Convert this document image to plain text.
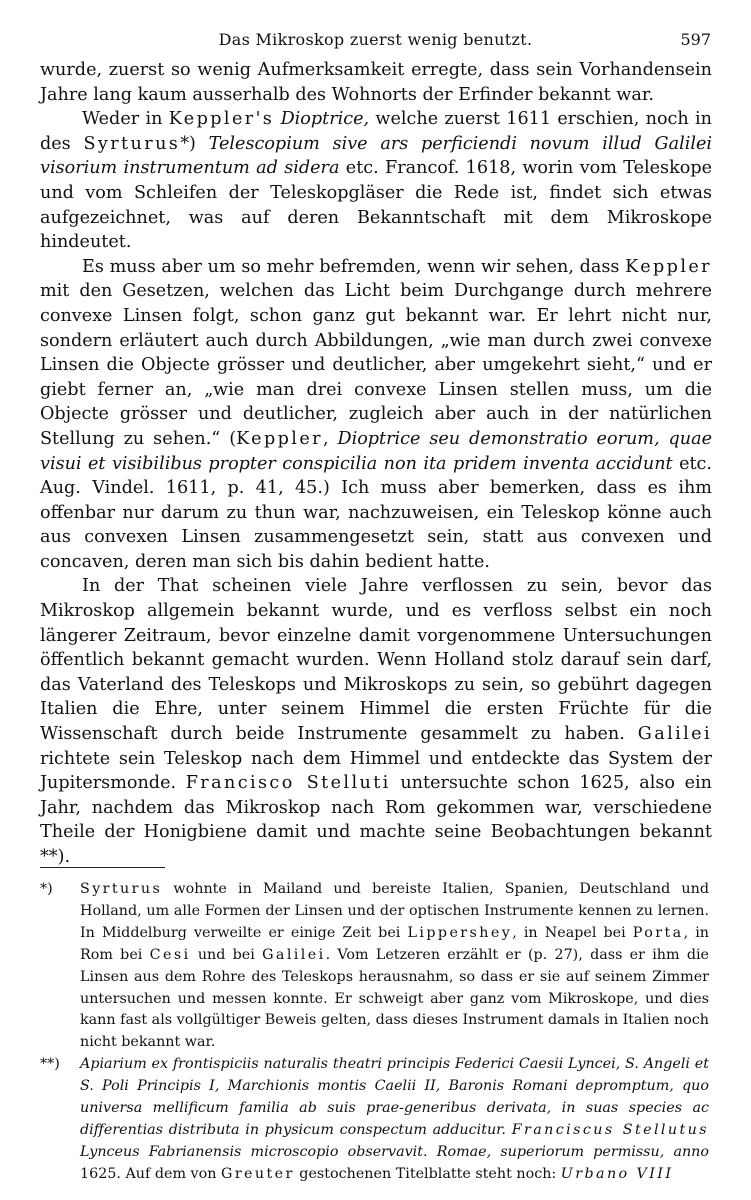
Das Mikroskop zuerst wenig benutzt.	597

wurde, zuerst so wenig Aufmerksamkeit erregte, dass sein Vorhandensein Jahre lang kaum ausserhalb des Wohnorts der Erfinder bekannt war.

Weder in Keppler's Dioptrice, welche zuerst 1611 erschien, noch in des Syrturus*) Telescopium sive ars perficiendi novum illud Galilei visorium instrumentum ad sidera etc. Francof. 1618, worin vom Teleskope und vom Schleifen der Teleskopgläser die Rede ist, findet sich etwas aufgezeichnet, was auf deren Bekanntschaft mit dem Mikroskope hindeutet.

Es muss aber um so mehr befremden, wenn wir sehen, dass Keppler mit den Gesetzen, welchen das Licht beim Durchgange durch mehrere convexe Linsen folgt, schon ganz gut bekannt war. Er lehrt nicht nur, sondern erläutert auch durch Abbildungen, „wie man durch zwei convexe Linsen die Objecte grösser und deutlicher, aber umgekehrt sieht,“ und er giebt ferner an, „wie man drei convexe Linsen stellen muss, um die Objecte grösser und deutlicher, zugleich aber auch in der natürlichen Stellung zu sehen.“ (Keppler, Dioptrice seu demonstratio eorum, quae visui et visibilibus propter conspicilia non ita pridem inventa accidunt etc. Aug. Vindel. 1611, p. 41, 45.) Ich muss aber bemerken, dass es ihm offenbar nur darum zu thun war, nachzuweisen, ein Teleskop könne auch aus convexen Linsen zusammengesetzt sein, statt aus convexen und concaven, deren man sich bis dahin bedient hatte.

In der That scheinen viele Jahre verflossen zu sein, bevor das Mikroskop allgemein bekannt wurde, und es verfloss selbst ein noch längerer Zeitraum, bevor einzelne damit vorgenommene Untersuchungen öffentlich bekannt gemacht wurden. Wenn Holland stolz darauf sein darf, das Vaterland des Teleskops und Mikroskops zu sein, so gebührt dagegen Italien die Ehre, unter seinem Himmel die ersten Früchte für die Wissenschaft durch beide Instrumente gesammelt zu haben. Galilei richtete sein Teleskop nach dem Himmel und entdeckte das System der Jupitersmonde. Francisco Stelluti untersuchte schon 1625, also ein Jahr, nachdem das Mikroskop nach Rom gekommen war, verschiedene Theile der Honigbiene damit und machte seine Beobachtungen bekannt **).

*)	Syrturus wohnte in Mailand und bereiste Italien, Spanien, Deutschland und Holland, um alle Formen der Linsen und der optischen Instrumente kennen zu lernen. In Middelburg verweilte er einige Zeit bei Lippershey, in Neapel bei Porta, in Rom bei Cesi und bei Galilei. Vom Letzeren erzählt er (p. 27), dass er ihm die Linsen aus dem Rohre des Teleskops herausnahm, so dass er sie auf seinem Zimmer untersuchen und messen konnte. Er schweigt aber ganz vom Mikroskope, und dies kann fast als vollgültiger Beweis gelten, dass dieses Instrument damals in Italien noch nicht bekannt war.

**)	Apiarium ex frontispiciis naturalis theatri principis Federici Caesii Lyncei, S. Angeli et S. Poli Principis I, Marchionis montis Caelii II, Baronis Romani depromptum, quo universa mellificum familia ab suis prae-generibus derivata, in suas species ac differentias distributa in physicum conspectum adducitur. Franciscus Stellutus Lynceus Fabrianensis microscopio observavit. Romae, superiorum permissu, anno 1625. Auf dem von Greuter gestochenen Titelblatte steht noch: Urbano VIII
